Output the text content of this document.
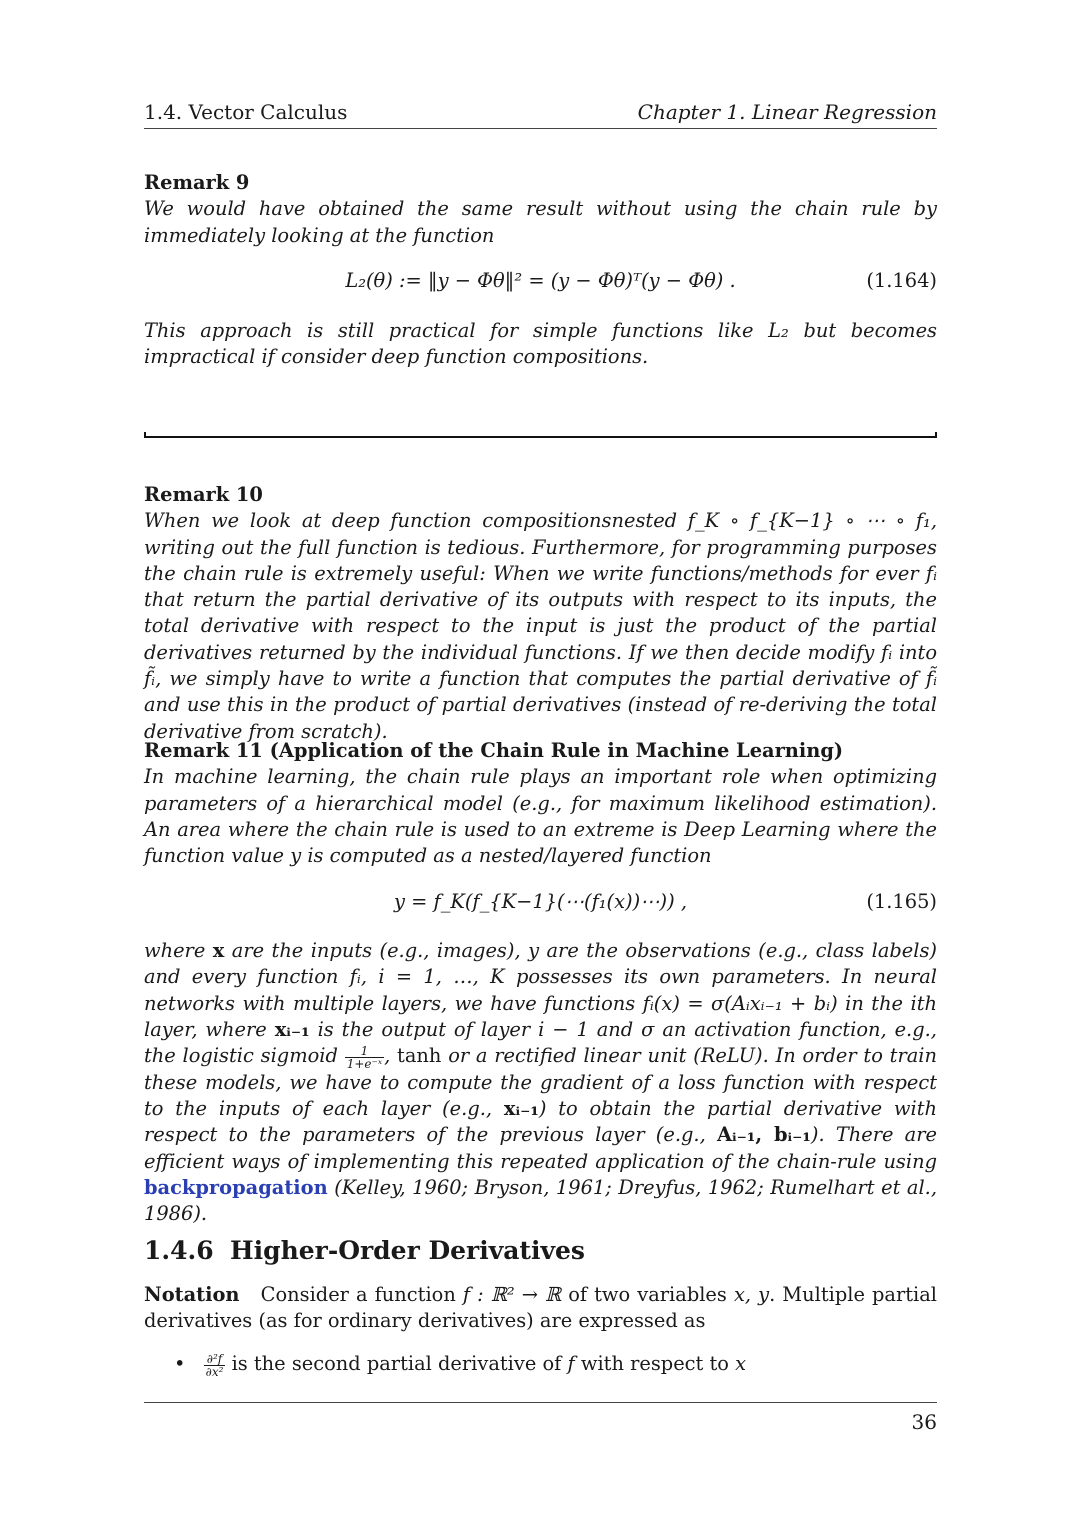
1.4. Vector Calculus	Chapter 1. Linear Regression
Remark 9
We would have obtained the same result without using the chain rule by immediately looking at the function
L₂(θ) := ‖y − Φθ‖² = (y − Φθ)ᵀ(y − Φθ) .	(1.164)
This approach is still practical for simple functions like L₂ but becomes impractical if consider deep function compositions.
Remark 10
When we look at deep function compositionsnested f_K ∘ f_{K−1} ∘ ⋯ ∘ f₁, writing out the full function is tedious. Furthermore, for programming purposes the chain rule is extremely useful: When we write functions/methods for ever fᵢ that return the partial derivative of its outputs with respect to its inputs, the total derivative with respect to the input is just the product of the partial derivatives returned by the individual functions. If we then decide modify fᵢ into f̃ᵢ, we simply have to write a function that computes the partial derivative of f̃ᵢ and use this in the product of partial derivatives (instead of re-deriving the total derivative from scratch).
Remark 11 (Application of the Chain Rule in Machine Learning)
In machine learning, the chain rule plays an important role when optimizing parameters of a hierarchical model (e.g., for maximum likelihood estimation). An area where the chain rule is used to an extreme is Deep Learning where the function value y is computed as a nested/layered function
y = f_K(f_{K−1}(⋯(f₁(x))⋯)) ,	(1.165)
where x are the inputs (e.g., images), y are the observations (e.g., class labels) and every function fᵢ, i = 1, …, K possesses its own parameters. In neural networks with multiple layers, we have functions fᵢ(x) = σ(Aᵢxᵢ₋₁ + bᵢ) in the ith layer, where xᵢ₋₁ is the output of layer i − 1 and σ an activation function, e.g., the logistic sigmoid $\frac{1}{\text{1+e⁻ˣ}}$ , tanh or a rectified linear unit (ReLU). In order to train these models, we have to compute the gradient of a loss function with respect to the inputs of each layer (e.g., xᵢ₋₁) to obtain the partial derivative with respect to the parameters of the previous layer (e.g., Aᵢ₋₁, bᵢ₋₁). There are efficient ways of implementing this repeated application of the chain-rule using backpropagation (Kelley, 1960; Bryson, 1961; Dreyfus, 1962; Rumelhart et al., 1986).
1.4.6 Higher-Order Derivatives
Notation Consider a function f : ℝ² → ℝ of two variables x, y. Multiple partial derivatives (as for ordinary derivatives) are expressed as
• $\frac{\text{∂²f}}{\text{∂x²}}$ is the second partial derivative of f with respect to x
36
